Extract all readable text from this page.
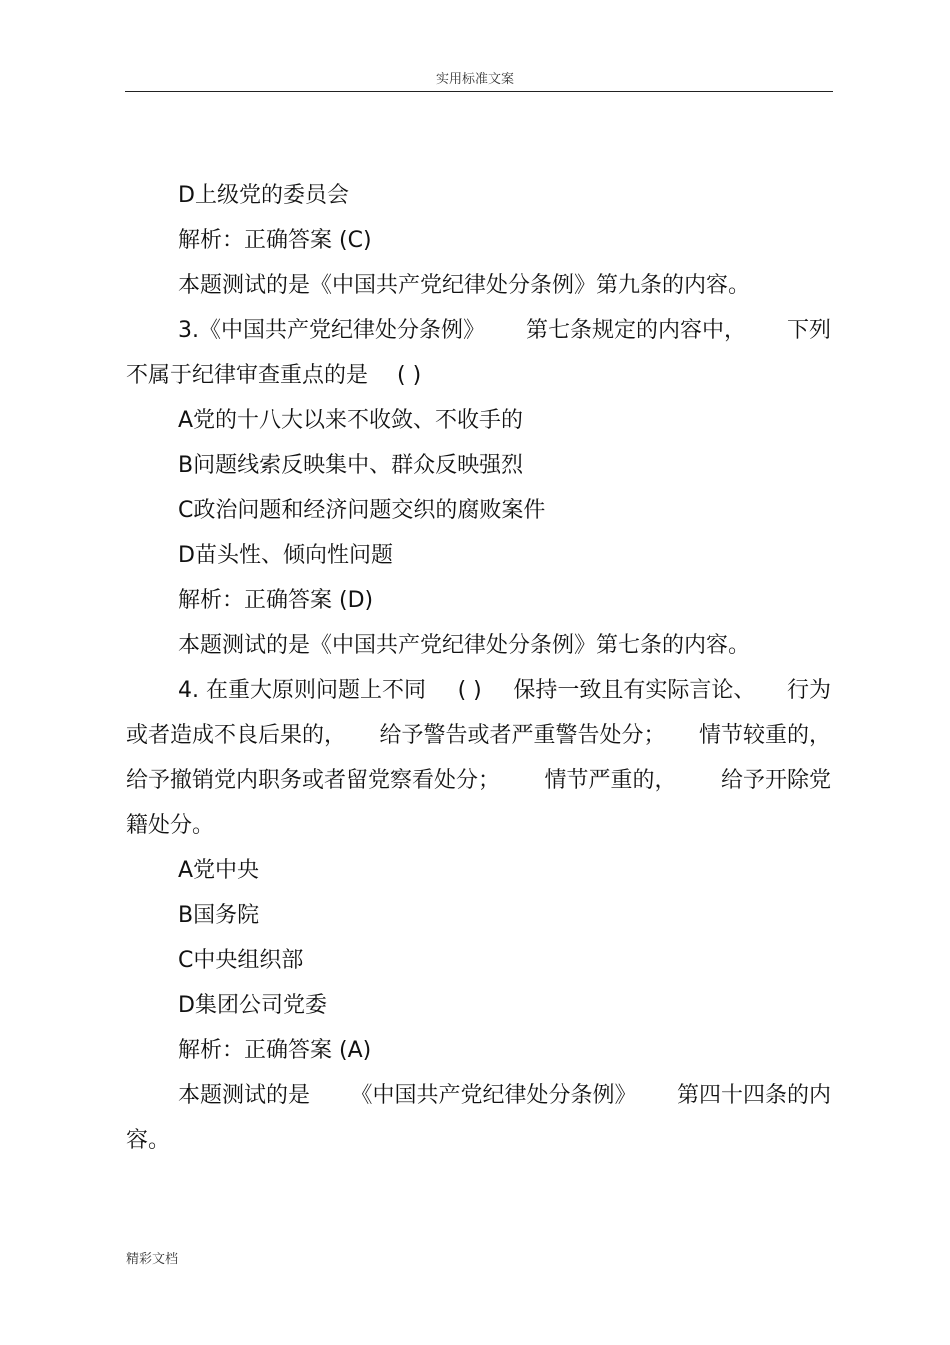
实用标准文案
D上级党的委员会
解析：正确答案 (C)
本题测试的是《中国共产党纪律处分条例》第九条的内容。
3.《中国共产党纪律处分条例》 第七条规定的内容中， 下列
不属于纪律审查重点的是　 ( )
A党的十八大以来不收敛、不收手的
B问题线索反映集中、群众反映强烈
C政治问题和经济问题交织的腐败案件
D苗头性、倾向性问题
解析：正确答案 (D)
本题测试的是《中国共产党纪律处分条例》第七条的内容。
4. 在重大原则问题上不同 ( ) 保持一致且有实际言论、 行为
或者造成不良后果的， 给予警告或者严重警告处分； 情节较重的，
给予撤销党内职务或者留党察看处分； 情节严重的， 给予开除党
籍处分。
A党中央
B国务院
C中央组织部
D集团公司党委
解析：正确答案 (A)
本题测试的是 《中国共产党纪律处分条例》 第四十四条的内
容。
精彩文档
